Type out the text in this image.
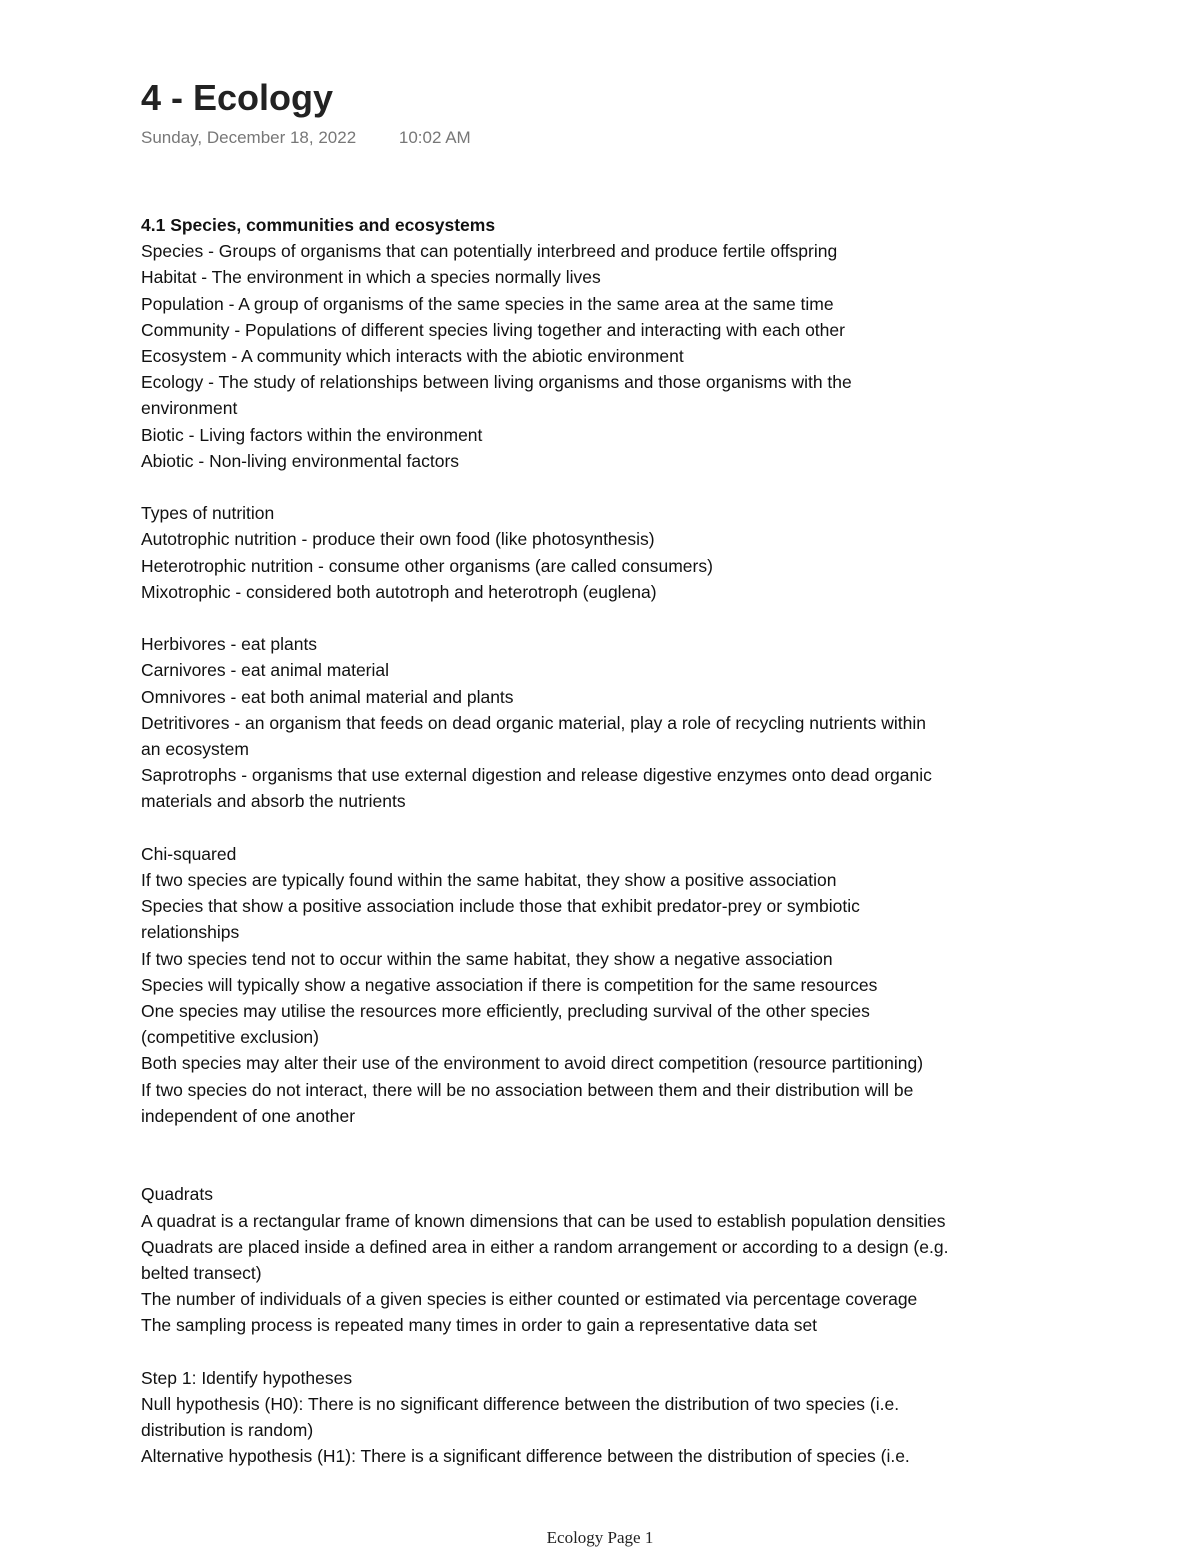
4 - Ecology
Sunday, December 18, 2022	10:02 AM
4.1 Species, communities and ecosystems
Species - Groups of organisms that can potentially interbreed and produce fertile offspring
Habitat - The environment in which a species normally lives
Population - A group of organisms of the same species in the same area at the same time
Community - Populations of different species living together and interacting with each other
Ecosystem - A community which interacts with the abiotic environment
Ecology - The study of relationships between living organisms and those organisms with the
environment
Biotic - Living factors within the environment
Abiotic - Non-living environmental factors
Types of nutrition
Autotrophic nutrition - produce their own food (like photosynthesis)
Heterotrophic nutrition - consume other organisms (are called consumers)
Mixotrophic - considered both autotroph and heterotroph (euglena)
Herbivores - eat plants
Carnivores - eat animal material
Omnivores - eat both animal material and plants
Detritivores - an organism that feeds on dead organic material, play a role of recycling nutrients within
an ecosystem
Saprotrophs - organisms that use external digestion and release digestive enzymes onto dead organic
materials and absorb the nutrients
Chi-squared
If two species are typically found within the same habitat, they show a positive association
Species that show a positive association include those that exhibit predator-prey or symbiotic
relationships
If two species tend not to occur within the same habitat, they show a negative association
Species will typically show a negative association if there is competition for the same resources
One species may utilise the resources more efficiently, precluding survival of the other species
(competitive exclusion)
Both species may alter their use of the environment to avoid direct competition (resource partitioning)
If two species do not interact, there will be no association between them and their distribution will be
independent of one another
Quadrats
A quadrat is a rectangular frame of known dimensions that can be used to establish population densities
Quadrats are placed inside a defined area in either a random arrangement or according to a design (e.g.
belted transect)
The number of individuals of a given species is either counted or estimated via percentage coverage
The sampling process is repeated many times in order to gain a representative data set
Step 1: Identify hypotheses
Null hypothesis (H0): There is no significant difference between the distribution of two species (i.e.
distribution is random)
Alternative hypothesis (H1): There is a significant difference between the distribution of species (i.e.
Ecology Page 1
